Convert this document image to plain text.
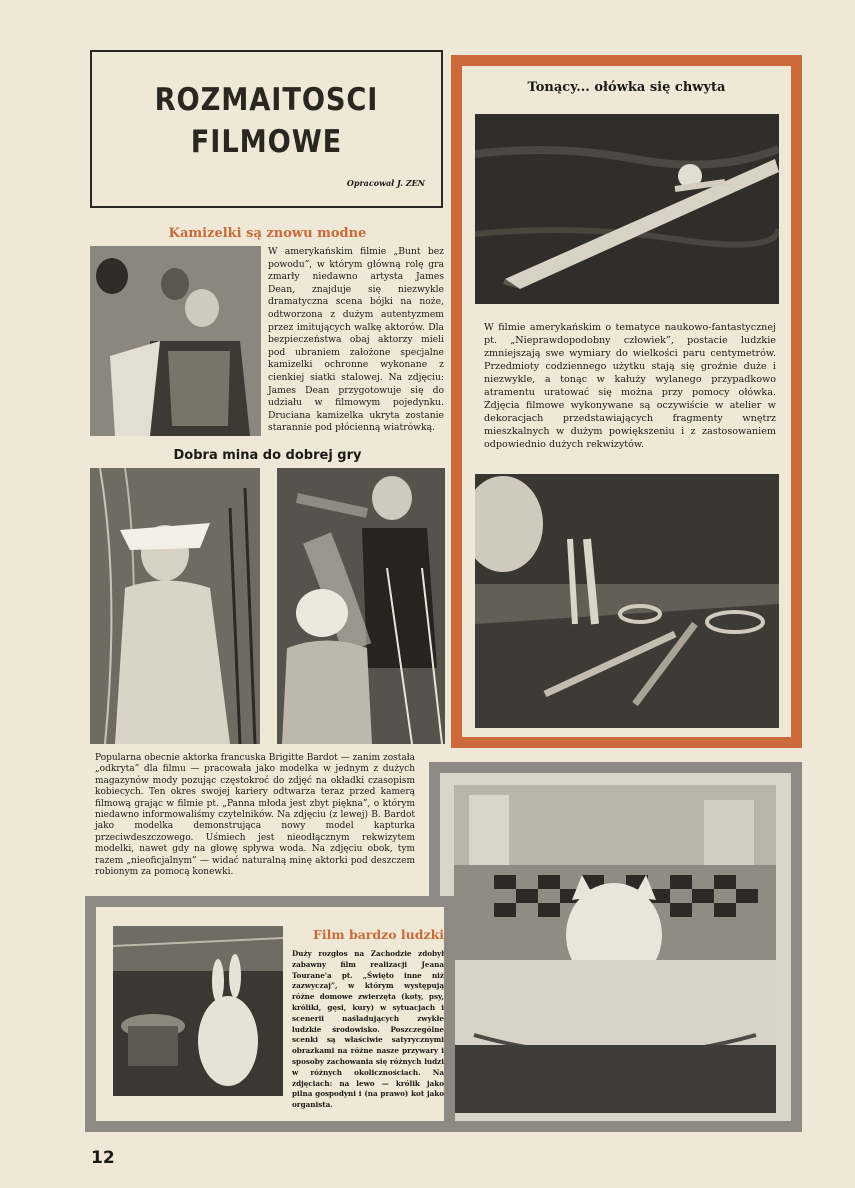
ROZMAITOSCI
FILMOWE
Opracował J. ZEN
Kamizelki są znowu modne
W amerykańskim filmie „Bunt bez powodu”, w którym główną rolę gra zmarły niedawno artysta James Dean, znajduje się niezwykle dramatyczna scena bójki na noże, odtworzona z dużym autentyzmem przez imitujących walkę aktorów. Dla bezpieczeństwa obaj aktorzy mieli pod ubraniem założone specjalne kamizelki ochronne wykonane z cienkiej siatki stalowej. Na zdjęciu: James Dean przygotowuje się do udziału w filmowym pojedynku. Druciana kamizelka ukryta zostanie starannie pod płócienną wiatrówką.
Dobra mina do dobrej gry
Popularna obecnie aktorka francuska Brigitte Bardot — zanim została „odkryta” dla filmu — pracowała jako modelka w jednym z dużych magazynów mody pozując częstokroć do zdjęć na okładki czasopism kobiecych. Ten okres swojej kariery odtwarza teraz przed kamerą filmową grając w filmie pt. „Panna młoda jest zbyt piękna”, o którym niedawno informowaliśmy czytelników. Na zdjęciu (z lewej) B. Bardot jako modelka demonstrująca nowy model kapturka przeciwdeszczowego. Uśmiech jest nieodłącznym rekwizytem modelki, nawet gdy na głowę spływa woda. Na zdjęciu obok, tym razem „nieoficjalnym” — widać naturalną minę aktorki pod deszczem robionym za pomocą konewki.
Tonący... ołówka się chwyta
W filmie amerykańskim o tematyce naukowo-fantastycznej pt. „Nieprawdopodobny człowiek”, postacie ludzkie zmniejszają swe wymiary do wielkości paru centymetrów. Przedmioty codziennego użytku stają się groźnie duże i niezwykle, a tonąc w kałuży wylanego przypadkowo atramentu uratować się można przy pomocy ołówka. Zdjęcia filmowe wykonywane są oczywiście w atelier w dekoracjach przedstawiających fragmenty wnętrz mieszkalnych w dużym powiększeniu i z zastosowaniem odpowiednio dużych rekwizytów.
Film bardzo ludzki
Duży rozgłos na Zachodzie zdobył zabawny film realizacji Jeana Tourane'a pt. „Święto inne niż zazwyczaj”, w którym występują różne domowe zwierzęta (koty, psy, króliki, gęsi, kury) w sytuacjach i scenerii naśladujących zwykłe ludzkie środowisko. Poszczególne scenki są właściwie satyrycznymi obrazkami na różne nasze przywary i sposoby zachowania się różnych ludzi w różnych okolicznościach. Na zdjęciach: na lewo — królik jako pilna gospodyni i (na prawo) kot jako organista.
12
